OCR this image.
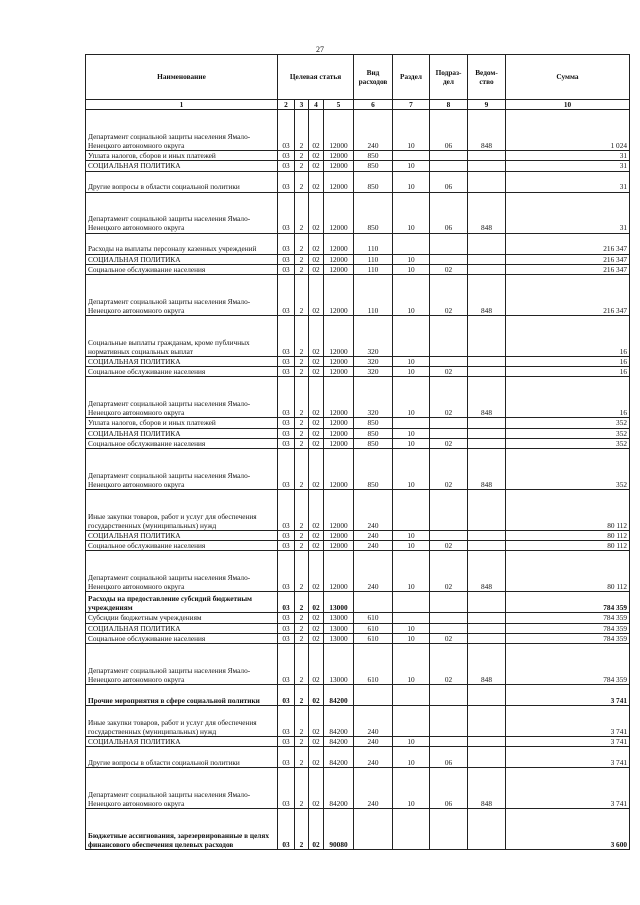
27
Наименование	Целевая статья				Вид расходов	Раздел	Подраз-дел	Ведом-ство	Сумма
1	2	3	4	5	6	7	8	9	10
Департамент социальной защиты населения Ямало-Ненецкого автономного округа	03	2	02	12000	240	10	06	848	1 024
Уплата налогов, сборов и иных платежей	03	2	02	12000	850				31
СОЦИАЛЬНАЯ ПОЛИТИКА	03	2	02	12000	850	10			31
Другие вопросы в области социальной политики	03	2	02	12000	850	10	06		31
Департамент социальной защиты населения Ямало-Ненецкого автономного округа	03	2	02	12000	850	10	06	848	31
Расходы на выплаты персоналу казенных учреждений	03	2	02	12000	110				216 347
СОЦИАЛЬНАЯ ПОЛИТИКА	03	2	02	12000	110	10			216 347
Социальное обслуживание населения	03	2	02	12000	110	10	02		216 347
Департамент социальной защиты населения Ямало-Ненецкого автономного округа	03	2	02	12000	110	10	02	848	216 347
Социальные выплаты гражданам, кроме публичных нормативных социальных выплат	03	2	02	12000	320				16
СОЦИАЛЬНАЯ ПОЛИТИКА	03	2	02	12000	320	10			16
Социальное обслуживание населения	03	2	02	12000	320	10	02		16
Департамент социальной защиты населения Ямало-Ненецкого автономного округа	03	2	02	12000	320	10	02	848	16
Уплата налогов, сборов и иных платежей	03	2	02	12000	850				352
СОЦИАЛЬНАЯ ПОЛИТИКА	03	2	02	12000	850	10			352
Социальное обслуживание населения	03	2	02	12000	850	10	02		352
Департамент социальной защиты населения Ямало-Ненецкого автономного округа	03	2	02	12000	850	10	02	848	352
Иные закупки товаров, работ и услуг для обеспечения государственных (муниципальных) нужд	03	2	02	12000	240				80 112
СОЦИАЛЬНАЯ ПОЛИТИКА	03	2	02	12000	240	10			80 112
Социальное обслуживание населения	03	2	02	12000	240	10	02		80 112
Департамент социальной защиты населения Ямало-Ненецкого автономного округа	03	2	02	12000	240	10	02	848	80 112
Расходы на предоставление субсидий бюджетным учреждениям	03	2	02	13000					784 359
Субсидии бюджетным учреждениям	03	2	02	13000	610				784 359
СОЦИАЛЬНАЯ ПОЛИТИКА	03	2	02	13000	610	10			784 359
Социальное обслуживание населения	03	2	02	13000	610	10	02		784 359
Департамент социальной защиты населения Ямало-Ненецкого автономного округа	03	2	02	13000	610	10	02	848	784 359
Прочие мероприятия в сфере социальной политики	03	2	02	84200					3 741
Иные закупки товаров, работ и услуг для обеспечения государственных (муниципальных) нужд	03	2	02	84200	240				3 741
СОЦИАЛЬНАЯ ПОЛИТИКА	03	2	02	84200	240	10			3 741
Другие вопросы в области социальной политики	03	2	02	84200	240	10	06		3 741
Департамент социальной защиты населения Ямало-Ненецкого автономного округа	03	2	02	84200	240	10	06	848	3 741
Бюджетные ассигнования, зарезервированные в целях финансового обеспечения целевых расходов	03	2	02	90080					3 600
